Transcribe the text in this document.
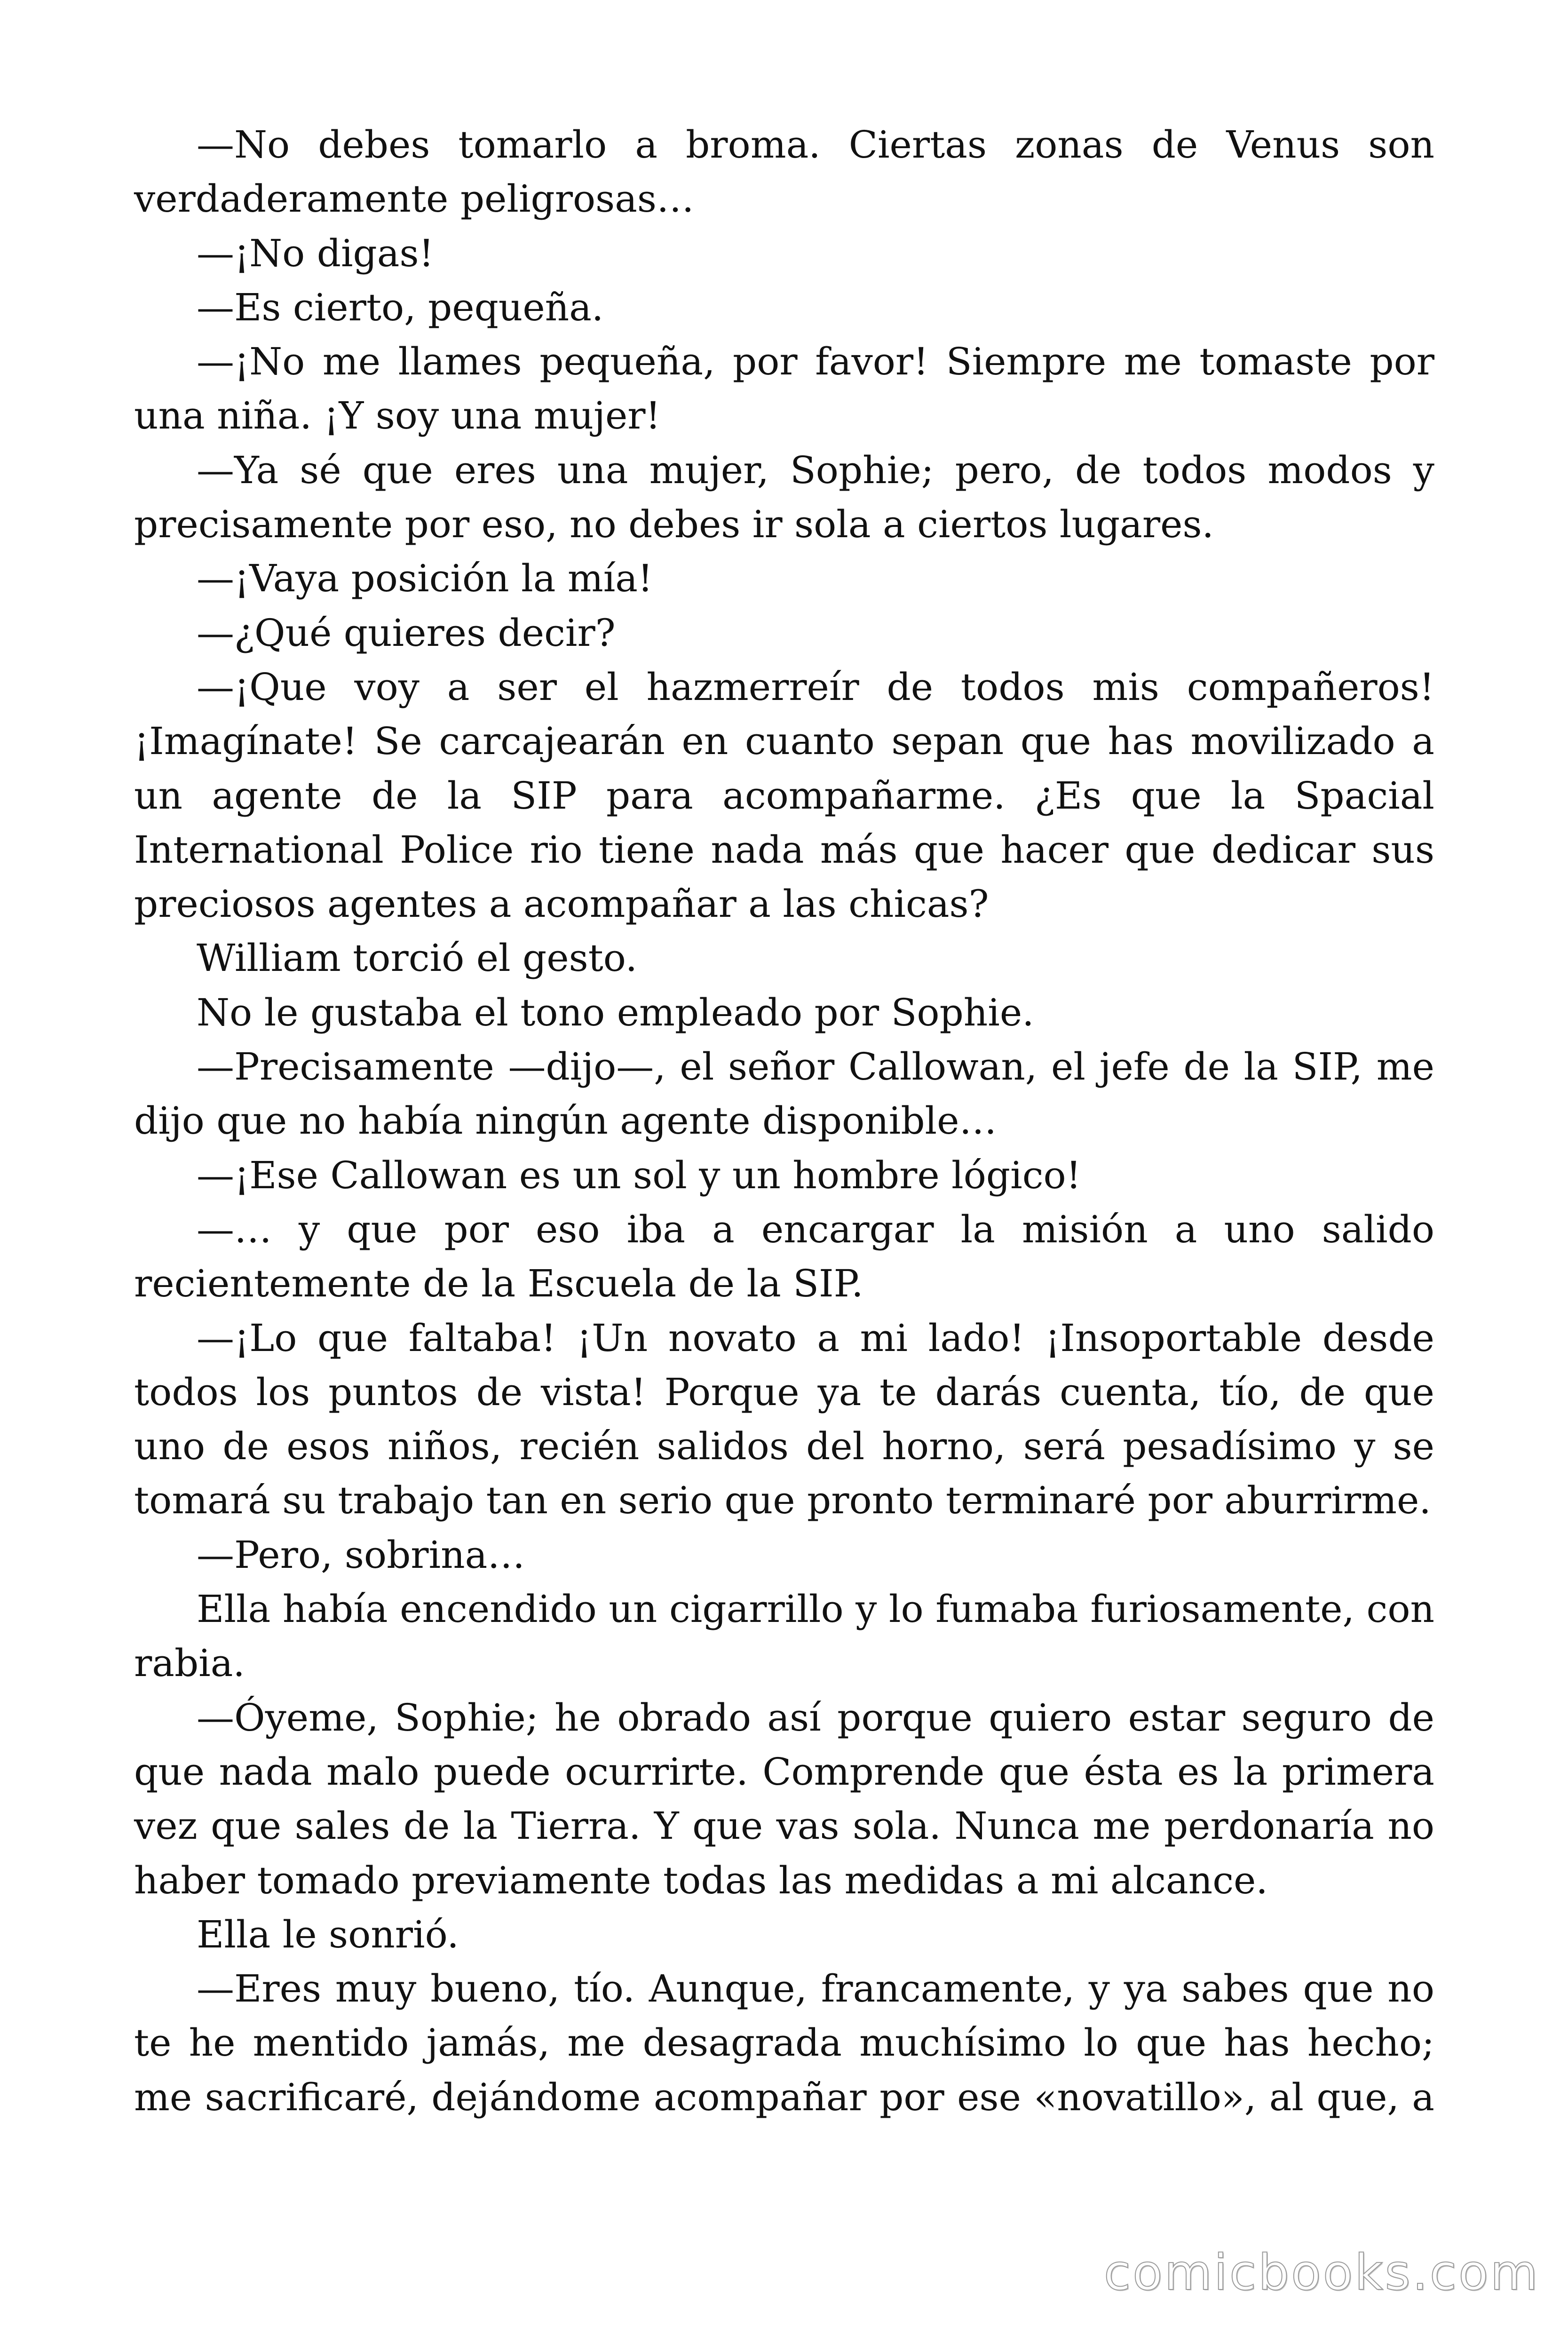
—No debes tomarlo a broma. Ciertas zonas de Venus son verdaderamente peligrosas…

—¡No digas!

—Es cierto, pequeña.

—¡No me llames pequeña, por favor! Siempre me tomaste por una niña. ¡Y soy una mujer!

—Ya sé que eres una mujer, Sophie; pero, de todos modos y precisamente por eso, no debes ir sola a ciertos lugares.

—¡Vaya posición la mía!

—¿Qué quieres decir?

—¡Que voy a ser el hazmerreír de todos mis compañeros! ¡Imagínate! Se carcajearán en cuanto sepan que has movilizado a un agente de la SIP para acompañarme. ¿Es que la Spacial International Police rio tiene nada más que hacer que dedicar sus preciosos agentes a acompañar a las chicas?

William torció el gesto.

No le gustaba el tono empleado por Sophie.

—Precisamente —dijo—, el señor Callowan, el jefe de la SIP, me dijo que no había ningún agente disponible…

—¡Ese Callowan es un sol y un hombre lógico!

—… y que por eso iba a encargar la misión a uno salido recientemente de la Escuela de la SIP.

—¡Lo que faltaba! ¡Un novato a mi lado! ¡Insoportable desde todos los puntos de vista! Porque ya te darás cuenta, tío, de que uno de esos niños, recién salidos del horno, será pesadísimo y se tomará su trabajo tan en serio que pronto terminaré por aburrirme.

—Pero, sobrina…

Ella había encendido un cigarrillo y lo fumaba furiosamente, con rabia.

—Óyeme, Sophie; he obrado así porque quiero estar seguro de que nada malo puede ocurrirte. Comprende que ésta es la primera vez que sales de la Tierra. Y que vas sola. Nunca me perdonaría no haber tomado previamente todas las medidas a mi alcance.

Ella le sonrió.

—Eres muy bueno, tío. Aunque, francamente, y ya sabes que no te he mentido jamás, me desagrada muchísimo lo que has hecho; me sacrificaré, dejándome acompañar por ese «novatillo», al que, a

comicbooks.com
